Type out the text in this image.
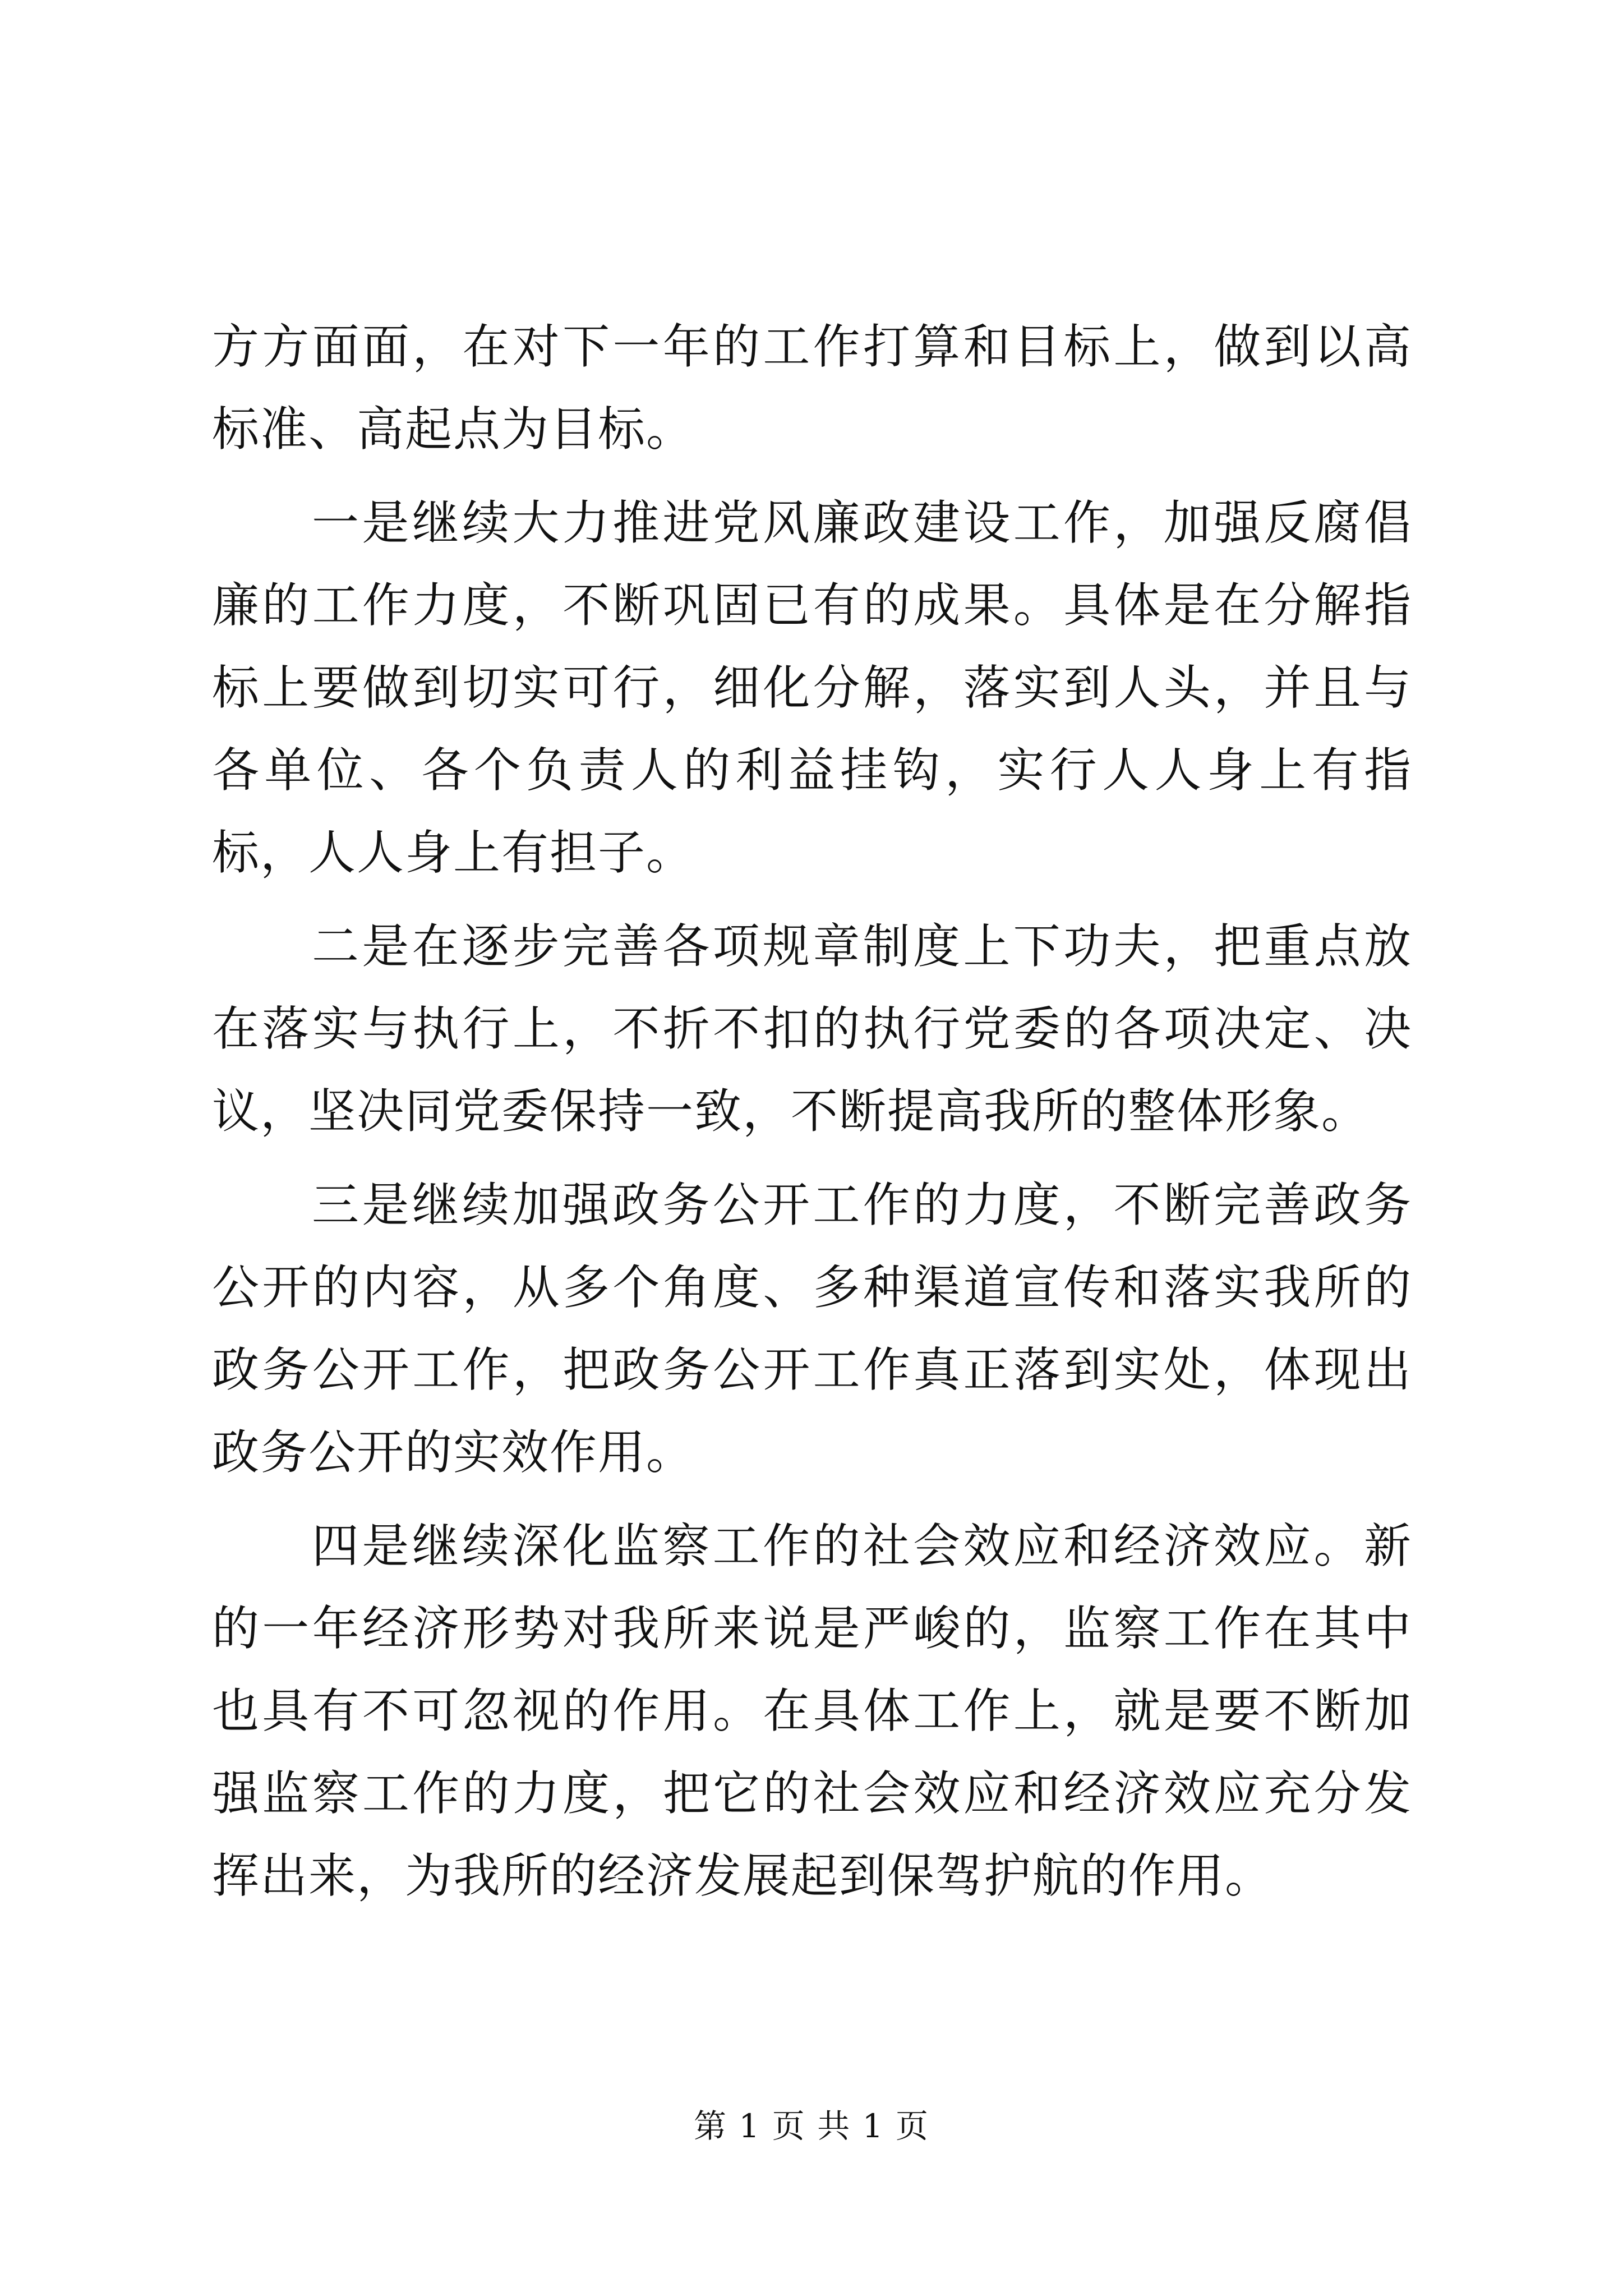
方方面面，在对下一年的工作打算和目标上，做到以高标准、高起点为目标。

一是继续大力推进党风廉政建设工作，加强反腐倡廉的工作力度，不断巩固已有的成果。具体是在分解指标上要做到切实可行，细化分解，落实到人头，并且与各单位、各个负责人的利益挂钩，实行人人身上有指标，人人身上有担子。

二是在逐步完善各项规章制度上下功夫，把重点放在落实与执行上，不折不扣的执行党委的各项决定、决议，坚决同党委保持一致，不断提高我所的整体形象。

三是继续加强政务公开工作的力度，不断完善政务公开的内容，从多个角度、多种渠道宣传和落实我所的政务公开工作，把政务公开工作真正落到实处，体现出政务公开的实效作用。

四是继续深化监察工作的社会效应和经济效应。新的一年经济形势对我所来说是严峻的，监察工作在其中也具有不可忽视的作用。在具体工作上，就是要不断加强监察工作的力度，把它的社会效应和经济效应充分发挥出来，为我所的经济发展起到保驾护航的作用。

第 1 页 共 1 页
